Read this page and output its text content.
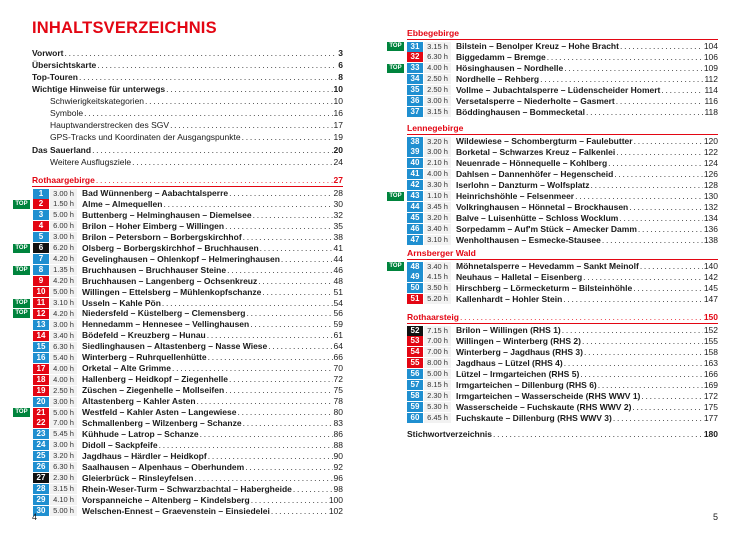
INHALTSVERZEICHNIS
Vorwort . . .	3
Übersichtskarte . . .	6
Top-Touren . . .	8
Wichtige Hinweise für unterwegs . . .	10
Schwierigkeitskategorien . . .	10
Symbole . . .	16
Hauptwanderstrecken des SGV . . .	17
GPS-Tracks und Koordinaten der Ausgangspunkte . . .	19
Das Sauerland . . .	20
Weitere Ausflugsziele . . .	24
Rothaargebirge . . .	27
1	3.00 h Bad Wünnenberg – Aabachtalsperre . . .	28
TOP	2	1.50 h Alme – Almequellen . . .	30
3	5.00 h Buttenberg – Helminghausen – Diemelsee . . .	32
4	6.00 h Brilon – Hoher Eimberg – Willingen . . .	35
5	3.00 h Brilon – Petersborn – Borbergskirchhof . . .	38
TOP	6	6.20 h Olsberg – Borbergskirchhof – Bruchhausen . . .	41
7	4.20 h Gevelinghausen – Ohlenkopf – Helmeringhausen . . .	44
TOP	8	1.35 h Bruchhausen – Bruchhauser Steine . . .	46
9	4.20 h Bruchhausen – Langenberg – Ochsenkreuz . . .	48
10	5.00 h Willingen – Ettelsberg – Mühlenkopfschanze . . .	51
TOP	11	3.10 h Usseln – Kahle Pön . . .	54
TOP	12	4.20 h Niedersfeld – Küstelberg – Clemensberg . . .	56
13	3.00 h Hennedamm – Hennesee – Vellinghausen . . .	59
14	3.40 h Bödefeld – Kreuzberg – Hunau . . .	61
15	6.30 h Siedlinghausen – Altastenberg – Nasse Wiese . . .	64
16	5.40 h Winterberg – Ruhrquellenhütte . . .	66
17	4.00 h Orketal – Alte Grimme . . .	70
18	4.00 h Hallenberg – Heidkopf – Ziegenhelle . . .	72
19	2.50 h Züschen – Ziegenhelle – Mollseifen . . .	75
20	3.00 h Altastenberg – Kahler Asten . . .	78
TOP	21	5.00 h Westfeld – Kahler Asten – Langewiese . . .	80
22	7.00 h Schmallenberg – Wilzenberg – Schanze . . .	83
23	5.45 h Kühhude – Latrop – Schanze . . .	86
24	3.00 h Didoll – Sackpfeife . . .	88
25	3.20 h Jagdhaus – Härdler – Heidkopf . . .	90
26	6.30 h Saalhausen – Alpenhaus – Oberhundem . . .	92
27	2.30 h Gleierbrück – Rinsleyfelsen . . .	96
28	3.15 h Rhein-Weser-Turm – Schwarzbachtal – Habergheide . . .	98
29	4.10 h Vorspanneiche – Altenberg – Kindelsberg . . .	100
30	5.00 h Welschen-Ennest – Graevenstein – Einsiedelei . . .	102
4
Ebbegebirge
TOP	31	3.15 h Bilstein – Benolper Kreuz – Hohe Bracht . . .	104
32	6.30 h Biggedamm – Bremge . . .	106
TOP	33	4.00 h Hösinghausen – Nordhelle . . .	109
34	2.50 h Nordhelle – Rehberg . . .	112
35	2.50 h Vollme – Jubachtalsperre – Lüdenscheider Homert . . .	114
36	3.00 h Versetalsperre – Niederholte – Gasmert . . .	116
37	3.15 h Böddinghausen – Bommecketal . . .	118
Lennegebirge
38	3.20 h Wildewiese – Schombergturm – Faulebutter . . .	120
39	3.00 h Borketal – Schwarzes Kreuz – Falkenlei . . .	122
40	2.10 h Neuenrade – Hönnequelle – Kohlberg . . .	124
41	4.00 h Dahlsen – Dannenhöfer – Hegenscheid . . .	126
42	3.30 h Iserlohn – Danzturm – Wolfsplatz . . .	128
TOP	43	1.10 h Heinrichshöhle – Felsenmeer . . .	130
44	3.45 h Volkringhausen – Hönnetal – Brockhausen . . .	132
45	3.20 h Balve – Luisenhütte – Schloss Wocklum . . .	134
46	3.40 h Sorpedamm – Auf'm Stück – Amecker Damm . . .	136
47	3.10 h Wenholthausen – Esmecke-Stausee . . .	138
Arnsberger Wald
TOP	48	3.40 h Möhnetalsperre – Hevedamm – Sankt Meinolf . . .	140
49	4.15 h Neuhaus – Halletal – Eisenberg . . .	142
50	3.50 h Hirschberg – Lörmecketurm – Bilsteinhöhle . . .	145
51	5.20 h Kallenhardt – Hohler Stein . . .	147
Rothaarsteig . . .	150
52	7.15 h Brilon – Willingen (RHS 1) . . .	152
53	7.00 h Willingen – Winterberg (RHS 2) . . .	155
54	7.00 h Winterberg – Jagdhaus (RHS 3) . . .	158
55	8.00 h Jagdhaus – Lützel (RHS 4) . . .	163
56	5.00 h Lützel – Irmgarteichen (RHS 5) . . .	166
57	8.15 h Irmgarteichen – Dillenburg (RHS 6) . . .	169
58	2.30 h Irmgarteichen – Wasserscheide (RHS WWV 1) . . .	172
59	5.30 h Wasserscheide – Fuchskaute (RHS WWV 2) . . .	175
60	6.45 h Fuchskaute – Dillenburg (RHS WWV 3) . . .	177
Stichwortverzeichnis . . .	180
5
